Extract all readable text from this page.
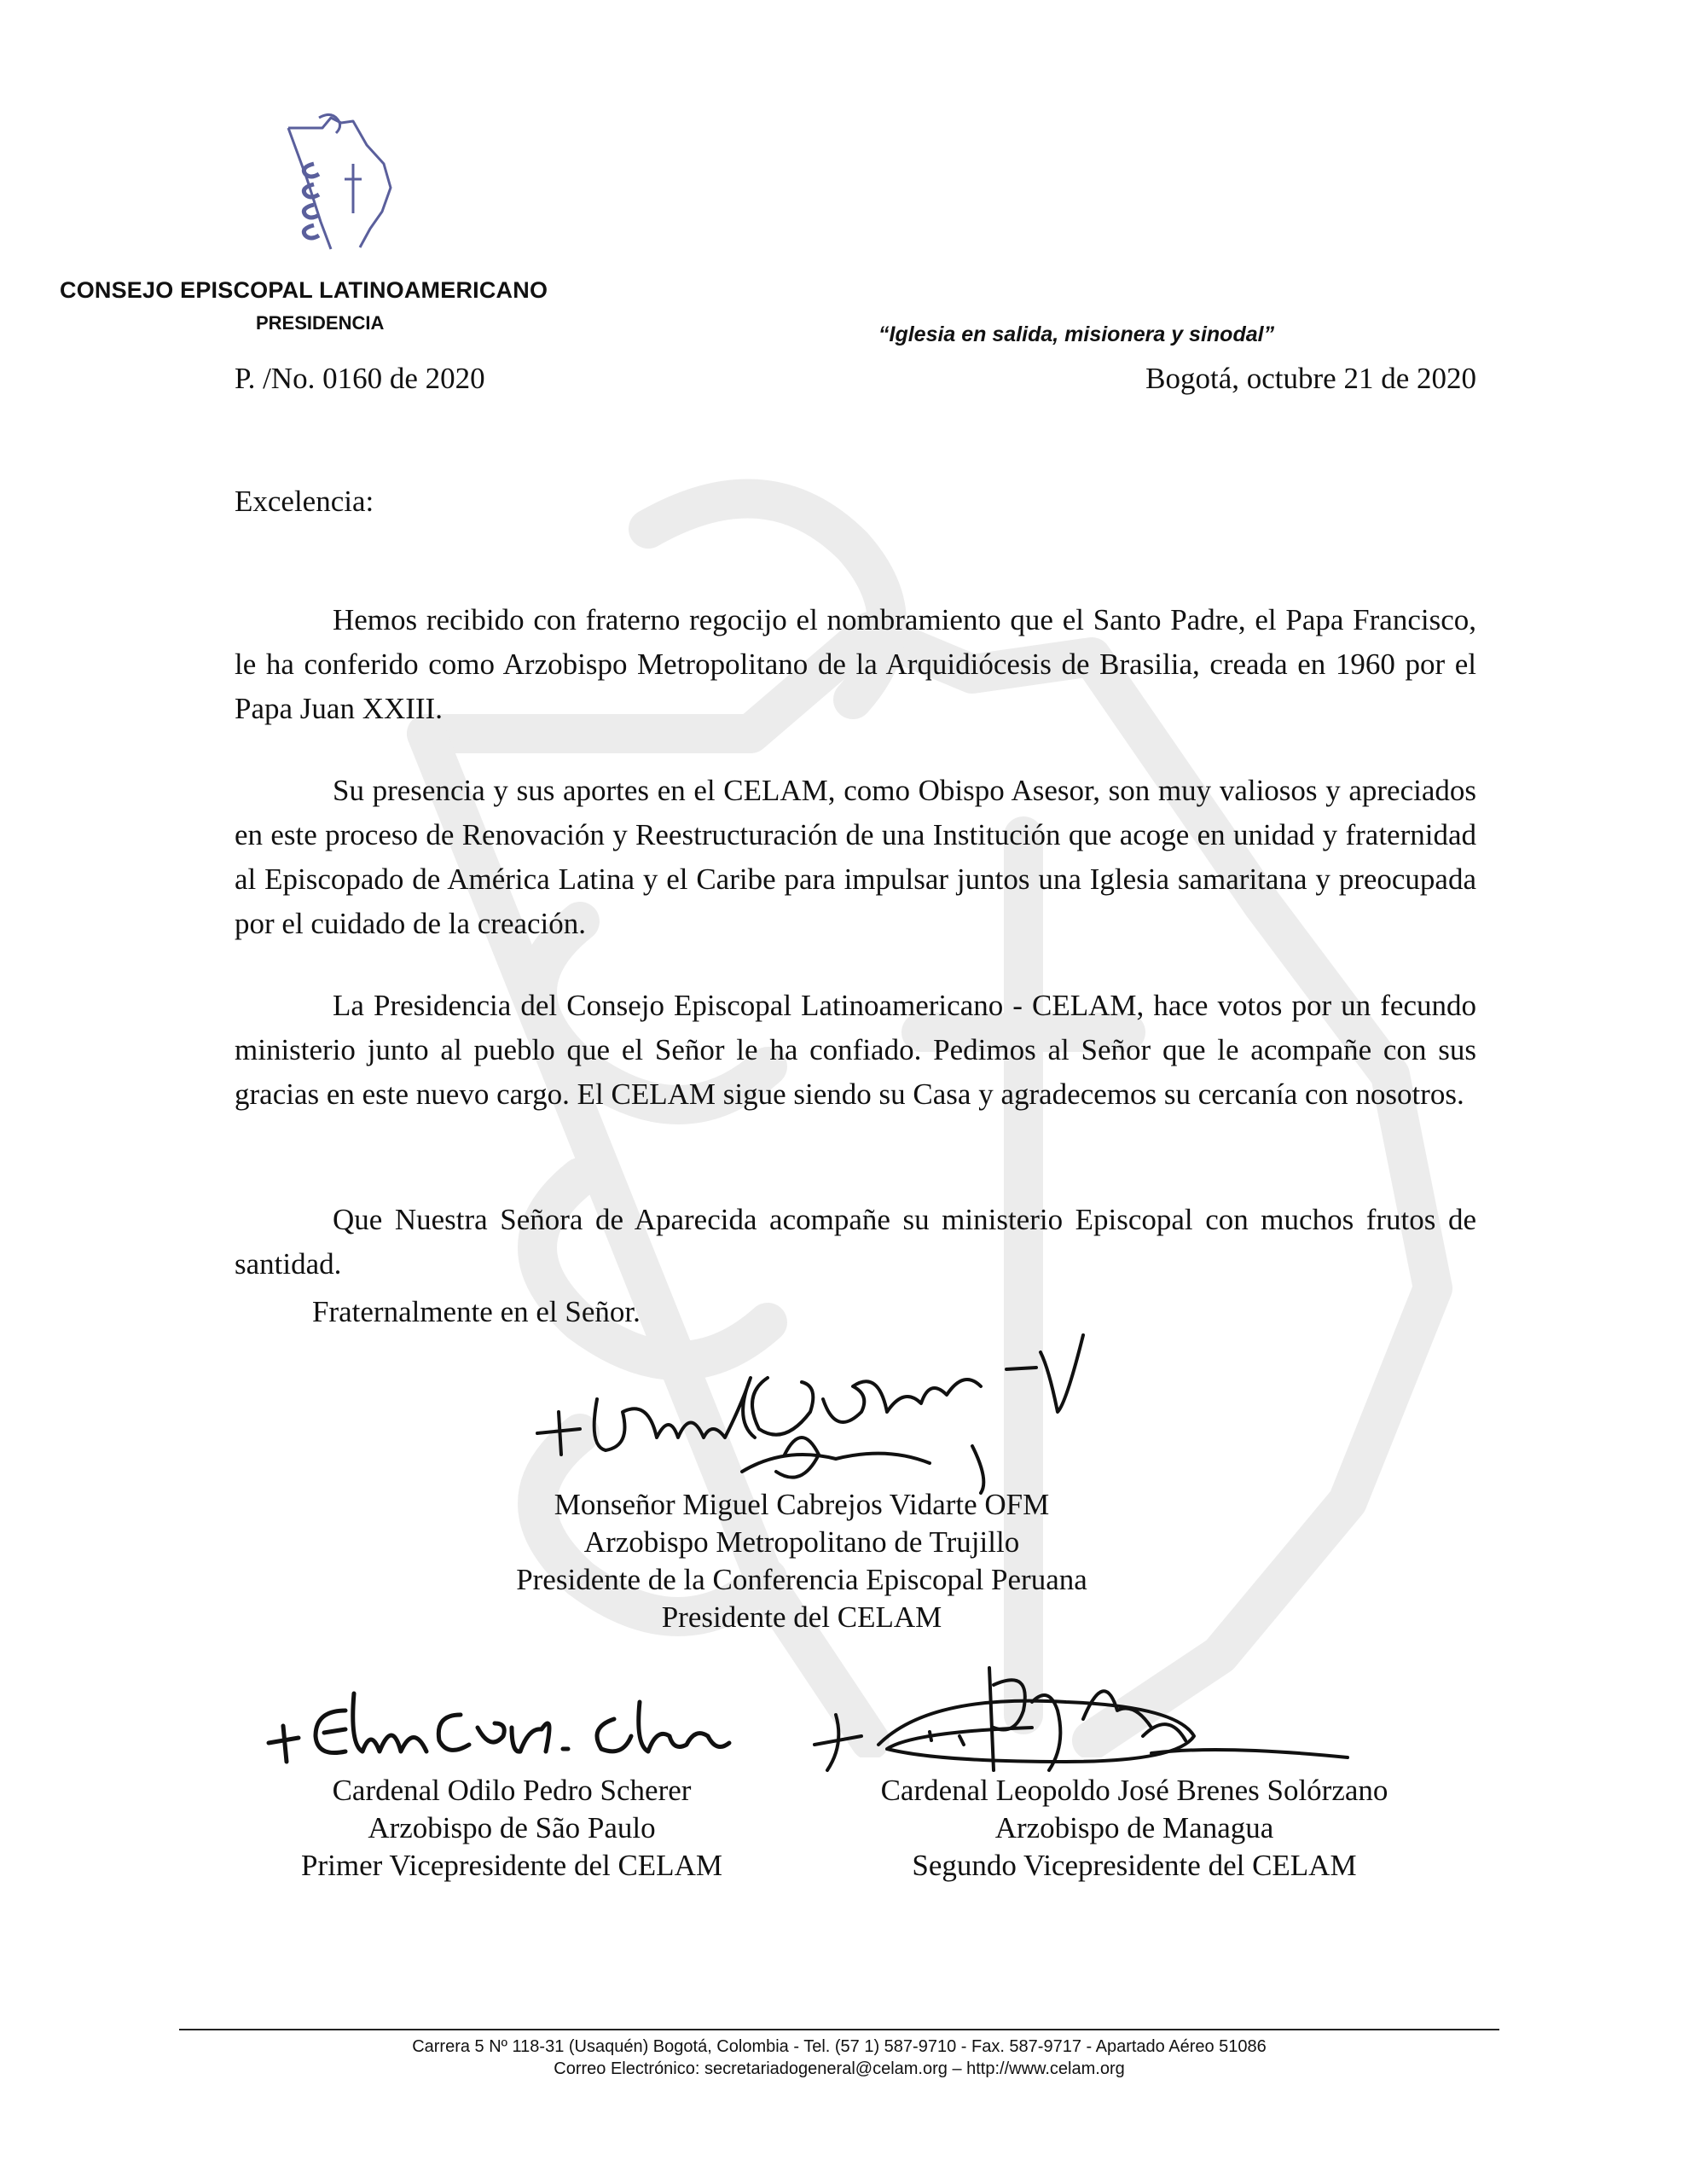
CONSEJO EPISCOPAL LATINOAMERICANO
PRESIDENCIA	“Iglesia en salida, misionera y sinodal”
P. /No. 0160 de 2020	Bogotá, octubre 21 de 2020
Excelencia:

Hemos recibido con fraterno regocijo el nombramiento que el Santo Padre, el Papa Francisco, le ha conferido como Arzobispo Metropolitano de la Arquidiócesis de Brasilia, creada en 1960 por el Papa Juan XXIII.

Su presencia y sus aportes en el CELAM, como Obispo Asesor, son muy valiosos y apreciados en este proceso de Renovación y Reestructuración de una Institución que acoge en unidad y fraternidad al Episcopado de América Latina y el Caribe para impulsar juntos una Iglesia samaritana y preocupada por el cuidado de la creación.

La Presidencia del Consejo Episcopal Latinoamericano - CELAM, hace votos por un fecundo ministerio junto al pueblo que el Señor le ha confiado. Pedimos al Señor que le acompañe con sus gracias en este nuevo cargo. El CELAM sigue siendo su Casa y agradecemos su cercanía con nosotros.

Que Nuestra Señora de Aparecida acompañe su ministerio Episcopal con muchos frutos de santidad.

Fraternalmente en el Señor.
Monseñor Miguel Cabrejos Vidarte OFM
Arzobispo Metropolitano de Trujillo
Presidente de la Conferencia Episcopal Peruana
Presidente del CELAM
Cardenal Odilo Pedro Scherer
Arzobispo de São Paulo
Primer Vicepresidente del CELAM
Cardenal Leopoldo José Brenes Solórzano
Arzobispo de Managua
Segundo Vicepresidente del CELAM
Carrera 5 Nº 118-31 (Usaquén) Bogotá, Colombia - Tel. (57 1) 587-9710 - Fax. 587-9717 - Apartado Aéreo 51086
Correo Electrónico: secretariadogeneral@celam.org – http://www.celam.org
